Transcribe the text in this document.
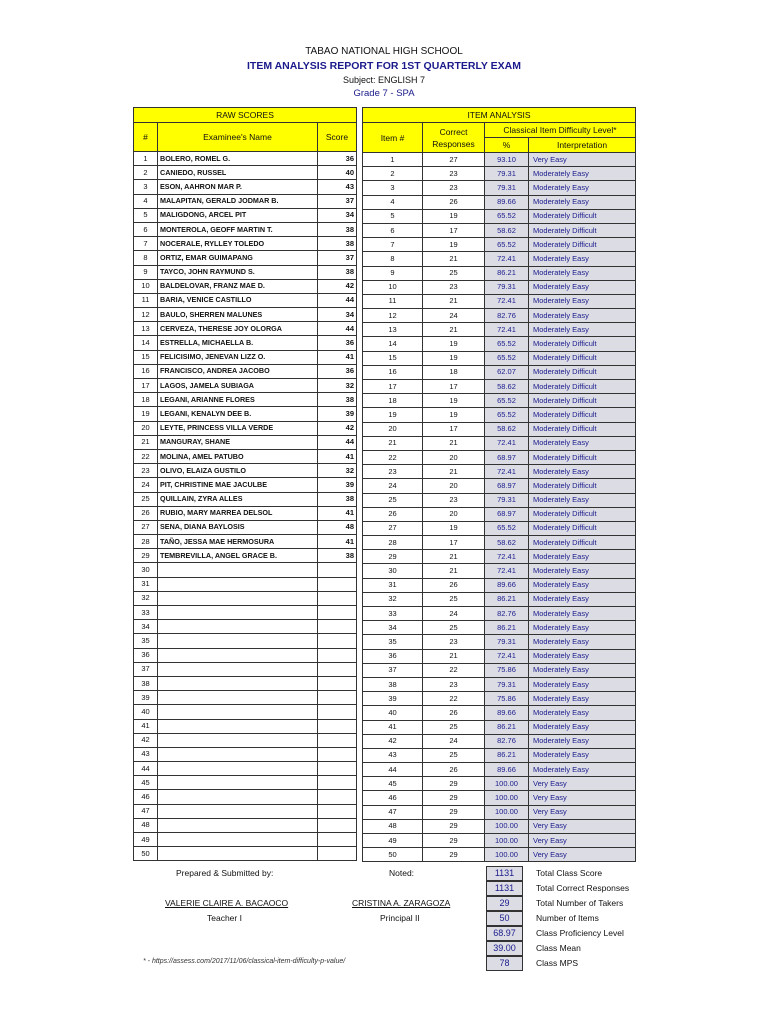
TABAO NATIONAL HIGH SCHOOL
ITEM ANALYSIS REPORT FOR 1ST QUARTERLY EXAM
Subject: ENGLISH 7
Grade 7 - SPA
RAW SCORES		
#	Examinee's Name	Score
1	BOLERO, ROMEL G.	36
2	CANIEDO, RUSSEL	40
3	ESON, AAHRON MAR P.	43
4	MALAPITAN, GERALD JODMAR B.	37
5	MALIGDONG, ARCEL PIT	34
6	MONTEROLA, GEOFF MARTIN T.	38
7	NOCERALE, RYLLEY TOLEDO	38
8	ORTIZ, EMAR GUIMAPANG	37
9	TAYCO, JOHN RAYMUND S.	38
10	BALDELOVAR, FRANZ MAE D.	42
11	BARIA, VENICE CASTILLO	44
12	BAULO, SHERREN MALUNES	34
13	CERVEZA, THERESE JOY OLORGA	44
14	ESTRELLA, MICHAELLA B.	36
15	FELICISIMO, JENEVAN LIZZ O.	41
16	FRANCISCO, ANDREA JACOBO	36
17	LAGOS, JAMELA SUBIAGA	32
18	LEGANI, ARIANNE FLORES	38
19	LEGANI, KENALYN DEE B.	39
20	LEYTE, PRINCESS VILLA VERDE	42
21	MANGURAY, SHANE	44
22	MOLINA, AMEL PATUBO	41
23	OLIVO, ELAIZA GUSTILO	32
24	PIT, CHRISTINE MAE JACULBE	39
25	QUILLAIN, ZYRA ALLES	38
26	RUBIO, MARY MARREA DELSOL	41
27	SENA, DIANA BAYLOSIS	48
28	TAÑO, JESSA MAE HERMOSURA	41
29	TEMBREVILLA, ANGEL GRACE B.	38
30		
31		
32		
33		
34		
35		
36		
37		
38		
39		
40		
41		
42		
43		
44		
45		
46		
47		
48		
49		
50		
ITEM ANALYSIS			
Item #	Correct Responses	Classical Item Difficulty Level*	
		%	Interpretation
1	27	93.10	Very Easy
2	23	79.31	Moderately Easy
3	23	79.31	Moderately Easy
4	26	89.66	Moderately Easy
5	19	65.52	Moderately Difficult
6	17	58.62	Moderately Difficult
7	19	65.52	Moderately Difficult
8	21	72.41	Moderately Easy
9	25	86.21	Moderately Easy
10	23	79.31	Moderately Easy
11	21	72.41	Moderately Easy
12	24	82.76	Moderately Easy
13	21	72.41	Moderately Easy
14	19	65.52	Moderately Difficult
15	19	65.52	Moderately Difficult
16	18	62.07	Moderately Difficult
17	17	58.62	Moderately Difficult
18	19	65.52	Moderately Difficult
19	19	65.52	Moderately Difficult
20	17	58.62	Moderately Difficult
21	21	72.41	Moderately Easy
22	20	68.97	Moderately Difficult
23	21	72.41	Moderately Easy
24	20	68.97	Moderately Difficult
25	23	79.31	Moderately Easy
26	20	68.97	Moderately Difficult
27	19	65.52	Moderately Difficult
28	17	58.62	Moderately Difficult
29	21	72.41	Moderately Easy
30	21	72.41	Moderately Easy
31	26	89.66	Moderately Easy
32	25	86.21	Moderately Easy
33	24	82.76	Moderately Easy
34	25	86.21	Moderately Easy
35	23	79.31	Moderately Easy
36	21	72.41	Moderately Easy
37	22	75.86	Moderately Easy
38	23	79.31	Moderately Easy
39	22	75.86	Moderately Easy
40	26	89.66	Moderately Easy
41	25	86.21	Moderately Easy
42	24	82.76	Moderately Easy
43	25	86.21	Moderately Easy
44	26	89.66	Moderately Easy
45	29	100.00	Very Easy
46	29	100.00	Very Easy
47	29	100.00	Very Easy
48	29	100.00	Very Easy
49	29	100.00	Very Easy
50	29	100.00	Very Easy
Prepared & Submitted by:	Noted:
VALERIE CLAIRE A. BACAOCO
Teacher I
CRISTINA A. ZARAGOZA
Principal II
* - https://assess.com/2017/11/06/classical-item-difficulty-p-value/
1131	Total Class Score
1131	Total Correct Responses
29	Total Number of Takers
50	Number of Items
68.97	Class Proficiency Level
39.00	Class Mean
78	Class MPS
